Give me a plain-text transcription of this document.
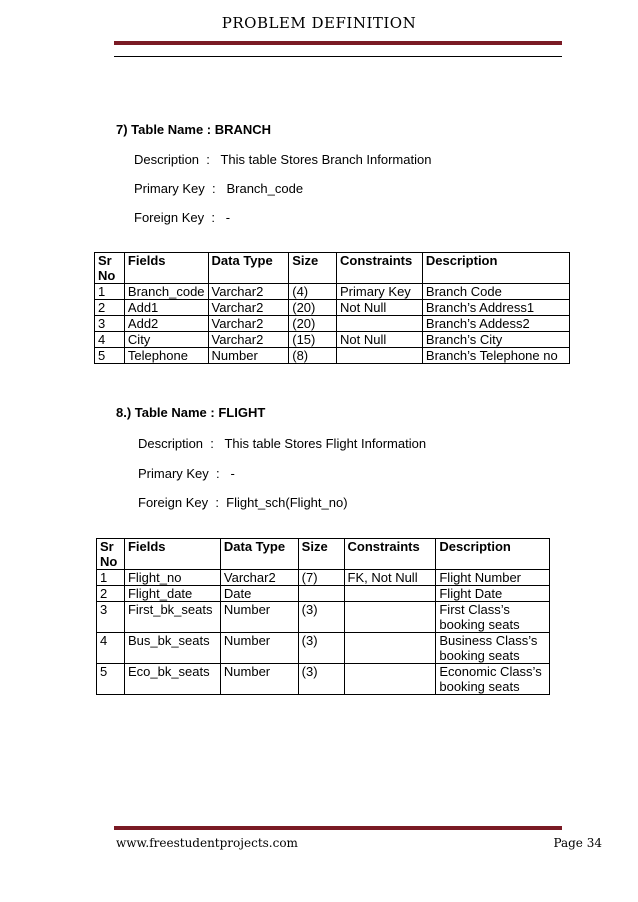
PROBLEM DEFINITION
7) Table Name : BRANCH
Description  :   This table Stores Branch Information
Primary Key  :   Branch_code
Foreign Key  :   -
Sr No	Fields	Data Type	Size	Constraints	Description
1	Branch_code	Varchar2	(4)	Primary Key	Branch Code
2	Add1	Varchar2	(20)	Not Null	Branch’s Address1
3	Add2	Varchar2	(20)		Branch’s Addess2
4	City	Varchar2	(15)	Not Null	Branch’s City
5	Telephone	Number	(8)		Branch’s Telephone no
8.) Table Name : FLIGHT
Description  :   This table Stores Flight Information
Primary Key  :   -
Foreign Key  :  Flight_sch(Flight_no)
Sr No	Fields	Data Type	Size	Constraints	Description
1	Flight_no	Varchar2	(7)	FK, Not Null	Flight Number
2	Flight_date	Date			Flight Date
3	First_bk_seats	Number	(3)		First Class’s booking seats
4	Bus_bk_seats	Number	(3)		Business Class’s booking seats
5	Eco_bk_seats	Number	(3)		Economic Class’s booking seats
www.freestudentprojects.com	Page 34
